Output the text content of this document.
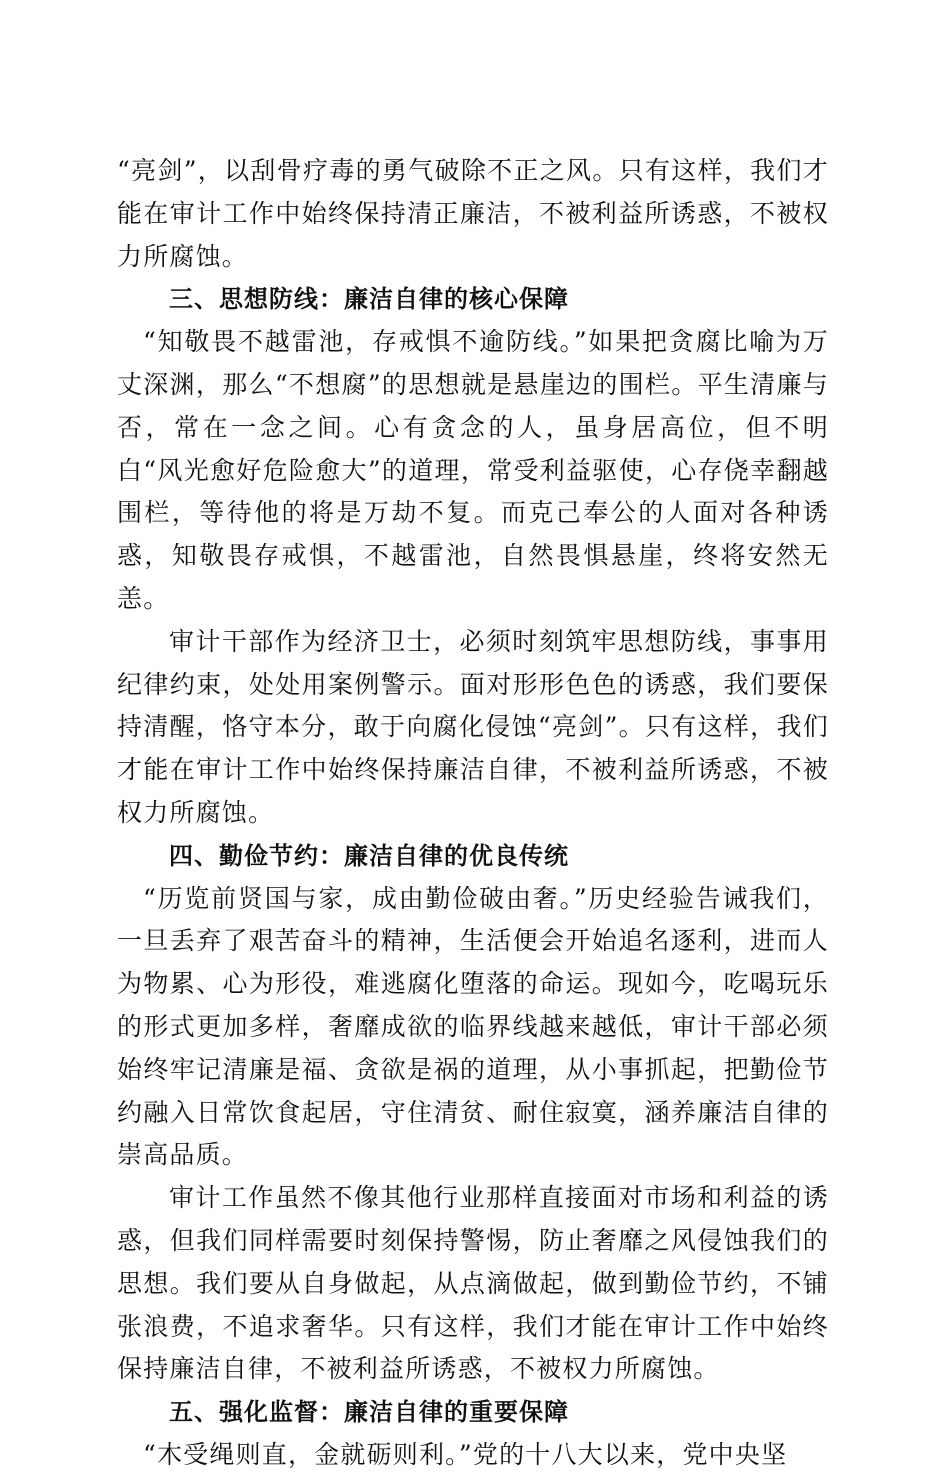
“亮剑”，以刮骨疗毒的勇气破除不正之风。只有这样，我们才能在审计工作中始终保持清正廉洁，不被利益所诱惑，不被权力所腐蚀。

三、思想防线：廉洁自律的核心保障

“知敬畏不越雷池，存戒惧不逾防线。”如果把贪腐比喻为万丈深渊，那么“不想腐”的思想就是悬崖边的围栏。平生清廉与否，常在一念之间。心有贪念的人，虽身居高位，但不明白“风光愈好危险愈大”的道理，常受利益驱使，心存侥幸翻越围栏，等待他的将是万劫不复。而克己奉公的人面对各种诱惑，知敬畏存戒惧，不越雷池，自然畏惧悬崖，终将安然无恙。

审计干部作为经济卫士，必须时刻筑牢思想防线，事事用纪律约束，处处用案例警示。面对形形色色的诱惑，我们要保持清醒，恪守本分，敢于向腐化侵蚀“亮剑”。只有这样，我们才能在审计工作中始终保持廉洁自律，不被利益所诱惑，不被权力所腐蚀。

四、勤俭节约：廉洁自律的优良传统

“历览前贤国与家，成由勤俭破由奢。”历史经验告诫我们，一旦丢弃了艰苦奋斗的精神，生活便会开始追名逐利，进而人为物累、心为形役，难逃腐化堕落的命运。现如今，吃喝玩乐的形式更加多样，奢靡成欲的临界线越来越低，审计干部必须始终牢记清廉是福、贪欲是祸的道理，从小事抓起，把勤俭节约融入日常饮食起居，守住清贫、耐住寂寞，涵养廉洁自律的崇高品质。

审计工作虽然不像其他行业那样直接面对市场和利益的诱惑，但我们同样需要时刻保持警惕，防止奢靡之风侵蚀我们的思想。我们要从自身做起，从点滴做起，做到勤俭节约，不铺张浪费，不追求奢华。只有这样，我们才能在审计工作中始终保持廉洁自律，不被利益所诱惑，不被权力所腐蚀。

五、强化监督：廉洁自律的重要保障

“木受绳则直，金就砺则利。”党的十八大以来，党中央坚
